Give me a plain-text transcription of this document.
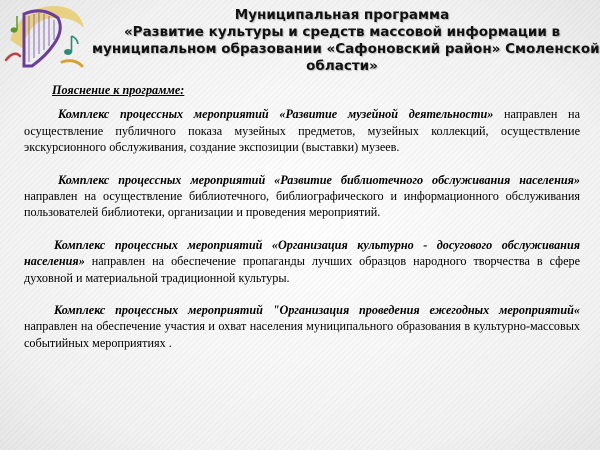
Муниципальная программа
«Развитие культуры и средств массовой информации в
муниципальном образовании «Сафоновский район» Смоленской
области»
Пояснение к программе:

Комплекс процессных мероприятий «Развитие музейной деятельности» направлен на осуществление публичного показа музейных предметов, музейных коллекций, осуществление экскурсионного обслуживания, создание экспозиции (выставки) музеев.

Комплекс процессных мероприятий «Развитие библиотечного обслуживания населения» направлен на осуществление библиотечного, библиографического и информационного обслуживания пользователей библиотеки, организации и проведения мероприятий.

Комплекс процессных мероприятий «Организация культурно - досугового обслуживания населения» направлен на обеспечение пропаганды лучших образцов народного творчества в сфере духовной и материальной традиционной культуры.

Комплекс процессных мероприятий "Организация проведения ежегодных мероприятий« направлен на обеспечение участия и охват населения муниципального образования в культурно-массовых событийных мероприятиях .
